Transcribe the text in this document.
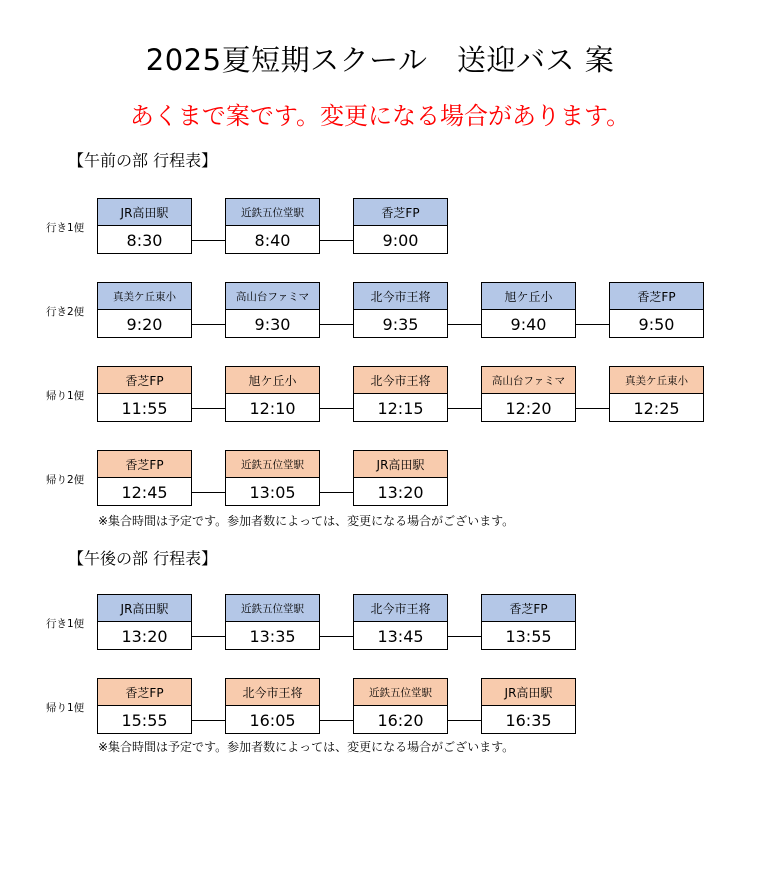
2025夏短期スクール　送迎バス 案
あくまで案です。変更になる場合があります。
【午前の部 行程表】
行き1便
JR高田駅
8:30
近鉄五位堂駅
8:40
香芝FP
9:00
行き2便
真美ケ丘東小
9:20
高山台ファミマ
9:30
北今市王将
9:35
旭ケ丘小
9:40
香芝FP
9:50
帰り1便
香芝FP
11:55
旭ケ丘小
12:10
北今市王将
12:15
高山台ファミマ
12:20
真美ケ丘東小
12:25
帰り2便
香芝FP
12:45
近鉄五位堂駅
13:05
JR高田駅
13:20
※集合時間は予定です。参加者数によっては、変更になる場合がございます。
【午後の部 行程表】
行き1便
JR高田駅
13:20
近鉄五位堂駅
13:35
北今市王将
13:45
香芝FP
13:55
帰り1便
香芝FP
15:55
北今市王将
16:05
近鉄五位堂駅
16:20
JR高田駅
16:35
※集合時間は予定です。参加者数によっては、変更になる場合がございます。
